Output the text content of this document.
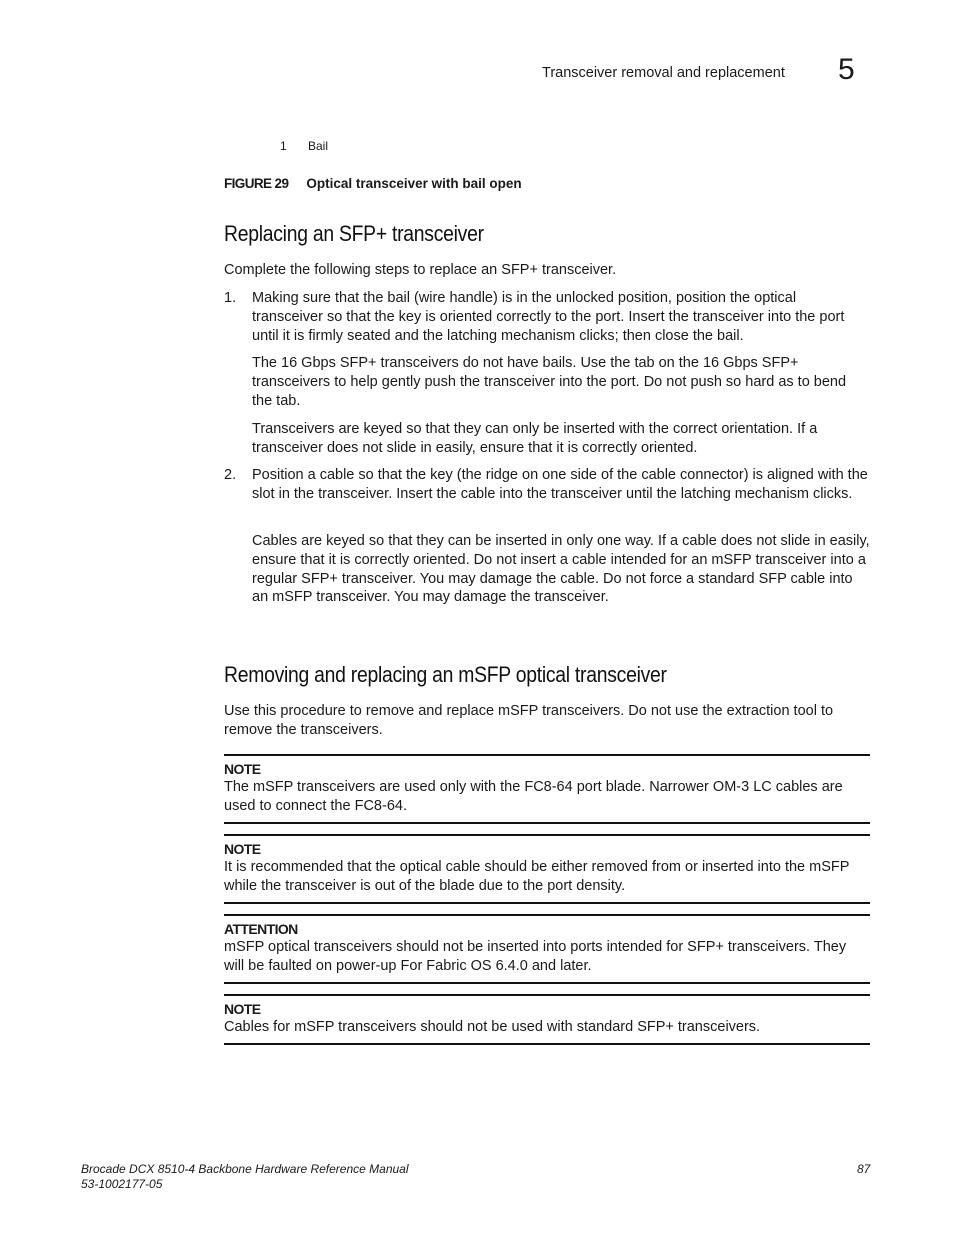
Transceiver removal and replacement 5
1 Bail
FIGURE 29 Optical transceiver with bail open
Replacing an SFP+ transceiver

Complete the following steps to replace an SFP+ transceiver.

1. Making sure that the bail (wire handle) is in the unlocked position, position the optical transceiver so that the key is oriented correctly to the port. Insert the transceiver into the port until it is firmly seated and the latching mechanism clicks; then close the bail.

The 16 Gbps SFP+ transceivers do not have bails. Use the tab on the 16 Gbps SFP+ transceivers to help gently push the transceiver into the port. Do not push so hard as to bend the tab.

Transceivers are keyed so that they can only be inserted with the correct orientation. If a transceiver does not slide in easily, ensure that it is correctly oriented.

2. Position a cable so that the key (the ridge on one side of the cable connector) is aligned with the slot in the transceiver. Insert the cable into the transceiver until the latching mechanism clicks.

Cables are keyed so that they can be inserted in only one way. If a cable does not slide in easily, ensure that it is correctly oriented. Do not insert a cable intended for an mSFP transceiver into a regular SFP+ transceiver. You may damage the cable. Do not force a standard SFP cable into an mSFP transceiver. You may damage the transceiver.

Removing and replacing an mSFP optical transceiver

Use this procedure to remove and replace mSFP transceivers. Do not use the extraction tool to remove the transceivers.

NOTE
The mSFP transceivers are used only with the FC8-64 port blade. Narrower OM-3 LC cables are used to connect the FC8-64.
NOTE
It is recommended that the optical cable should be either removed from or inserted into the mSFP while the transceiver is out of the blade due to the port density.
ATTENTION
mSFP optical transceivers should not be inserted into ports intended for SFP+ transceivers. They will be faulted on power-up For Fabric OS 6.4.0 and later.
NOTE
Cables for mSFP transceivers should not be used with standard SFP+ transceivers.
Brocade DCX 8510-4 Backbone Hardware Reference Manual
53-1002177-05
87
